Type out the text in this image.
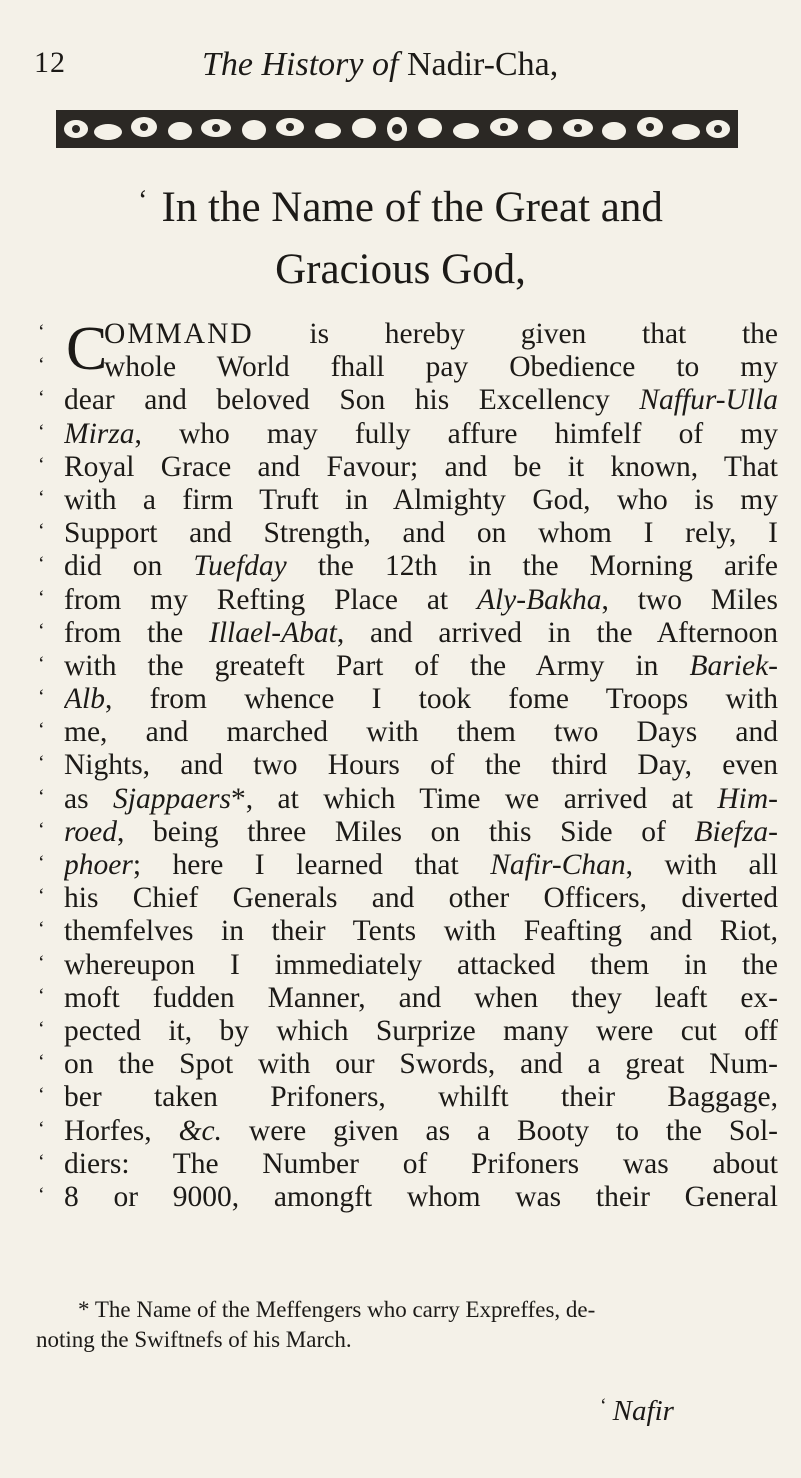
12	The History of Nadir-Cha,
‘ In the Name of the Great and
Gracious God,
C
‘	OMMAND is hereby given that the
‘	whole World fhall pay Obedience to my
‘ dear and beloved Son his Excellency Naffur-Ulla
‘ Mirza, who may fully affure himfelf of my
‘ Royal Grace and Favour; and be it known, That
‘ with a firm Truft in Almighty God, who is my
‘ Support and Strength, and on whom I rely, I
‘ did on Tuefday the 12th in the Morning arife
‘ from my Refting Place at Aly-Bakha, two Miles
‘ from the Illael-Abat, and arrived in the Afternoon
‘ with the greateft Part of the Army in Bariek-
‘ Alb, from whence I took fome Troops with
‘ me, and marched with them two Days and
‘ Nights, and two Hours of the third Day, even
‘ as Sjappaers*, at which Time we arrived at Him-
‘ roed, being three Miles on this Side of Biefza-
‘ phoer; here I learned that Nafir-Chan, with all
‘ his Chief Generals and other Officers, diverted
‘ themfelves in their Tents with Feafting and Riot,
‘ whereupon I immediately attacked them in the
‘ moft fudden Manner, and when they leaft ex-
‘ pected it, by which Surprize many were cut off
‘ on the Spot with our Swords, and a great Num-
‘ ber taken Prifoners, whilft their Baggage,
‘ Horfes, &c. were given as a Booty to the Sol-
‘ diers: The Number of Prifoners was about
‘ 8 or 9000, amongft whom was their General
* The Name of the Meffengers who carry Expreffes, de-
noting the Swiftnefs of his March.
‘ Nafir
